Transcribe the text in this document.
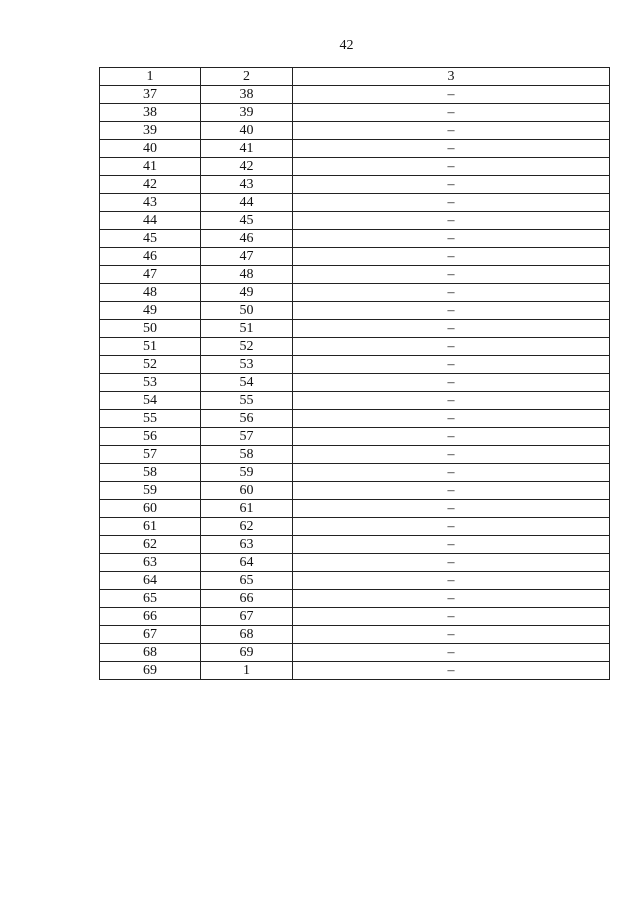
42
1	2	3
37	38	–
38	39	–
39	40	–
40	41	–
41	42	–
42	43	–
43	44	–
44	45	–
45	46	–
46	47	–
47	48	–
48	49	–
49	50	–
50	51	–
51	52	–
52	53	–
53	54	–
54	55	–
55	56	–
56	57	–
57	58	–
58	59	–
59	60	–
60	61	–
61	62	–
62	63	–
63	64	–
64	65	–
65	66	–
66	67	–
67	68	–
68	69	–
69	1	–
